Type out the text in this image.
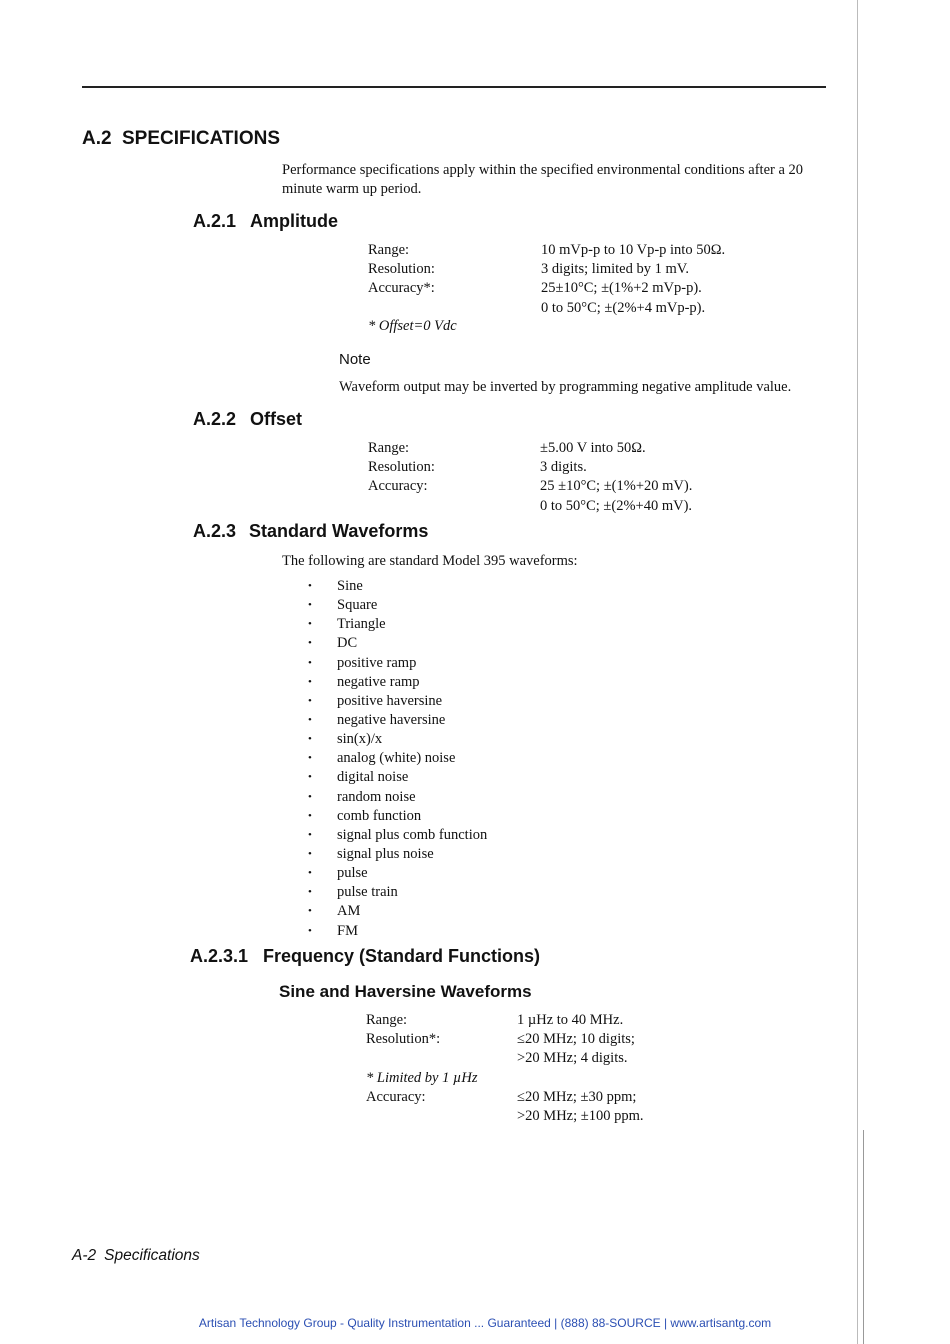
A.2 SPECIFICATIONS
Performance specifications apply within the specified environmental conditions after a 20 minute warm up period.
A.2.1 Amplitude
Range:	10 mVp-p to 10 Vp-p into 50Ω.
Resolution:	3 digits; limited by 1 mV.
Accuracy*:	25±10°C; ±(1%+2 mVp-p).
0 to 50°C; ±(2%+4 mVp-p).
* Offset=0 Vdc
Note
Waveform output may be inverted by programming negative amplitude value.
A.2.2 Offset
Range:	±5.00 V into 50Ω.
Resolution:	3 digits.
Accuracy:	25 ±10°C; ±(1%+20 mV).
0 to 50°C; ±(2%+40 mV).
A.2.3 Standard Waveforms
The following are standard Model 395 waveforms:
•	Sine
•	Square
•	Triangle
•	DC
•	positive ramp
•	negative ramp
•	positive haversine
•	negative haversine
•	sin(x)/x
•	analog (white) noise
•	digital noise
•	random noise
•	comb function
•	signal plus comb function
•	signal plus noise
•	pulse
•	pulse train
•	AM
•	FM
A.2.3.1 Frequency (Standard Functions)
Sine and Haversine Waveforms
Range:	1 µHz to 40 MHz.
Resolution*:	≤20 MHz; 10 digits;
>20 MHz; 4 digits.
* Limited by 1 µHz
Accuracy:	≤20 MHz; ±30 ppm;
>20 MHz; ±100 ppm.
A-2 Specifications
Artisan Technology Group - Quality Instrumentation ... Guaranteed | (888) 88-SOURCE | www.artisantg.com
